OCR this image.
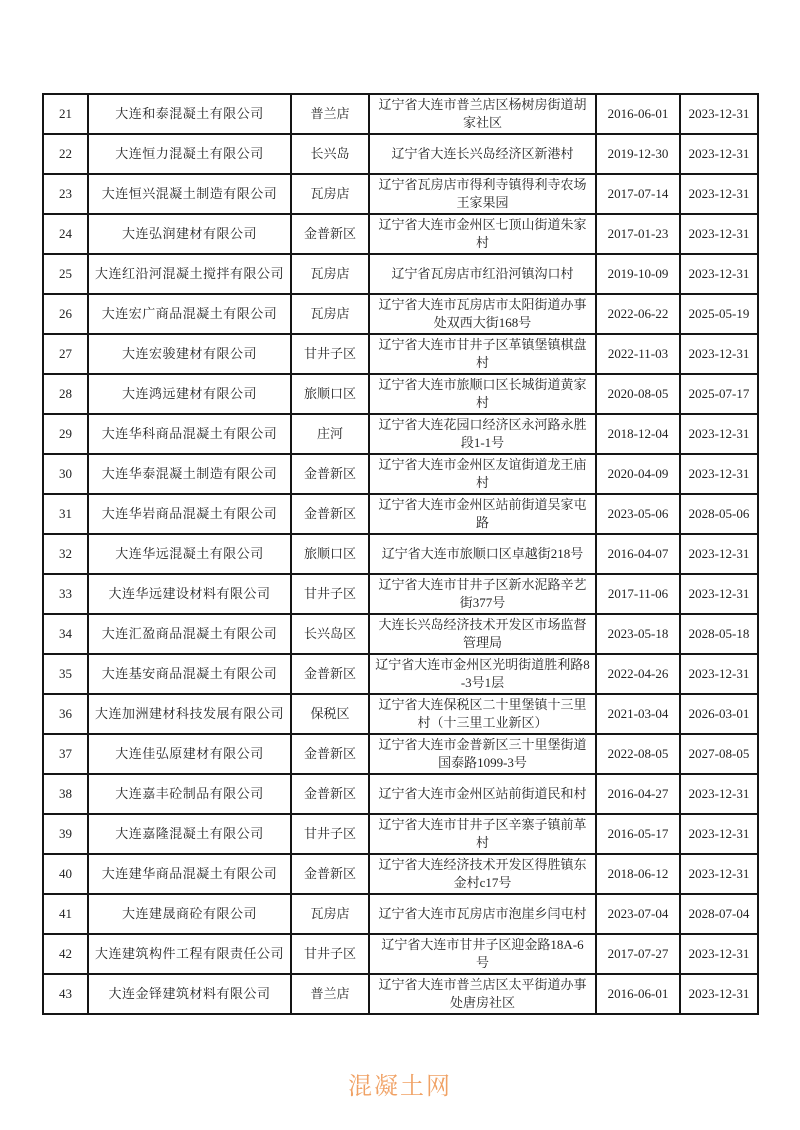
21	大连和泰混凝土有限公司	普兰店	辽宁省大连市普兰店区杨树房街道胡家社区	2016-06-01	2023-12-31
22	大连恒力混凝土有限公司	长兴岛	辽宁省大连长兴岛经济区新港村	2019-12-30	2023-12-31
23	大连恒兴混凝土制造有限公司	瓦房店	辽宁省瓦房店市得利寺镇得利寺农场王家果园	2017-07-14	2023-12-31
24	大连弘润建材有限公司	金普新区	辽宁省大连市金州区七顶山街道朱家村	2017-01-23	2023-12-31
25	大连红沿河混凝土搅拌有限公司	瓦房店	辽宁省瓦房店市红沿河镇沟口村	2019-10-09	2023-12-31
26	大连宏广商品混凝土有限公司	瓦房店	辽宁省大连市瓦房店市太阳街道办事处双西大街168号	2022-06-22	2025-05-19
27	大连宏骏建材有限公司	甘井子区	辽宁省大连市甘井子区革镇堡镇棋盘村	2022-11-03	2023-12-31
28	大连鸿远建材有限公司	旅顺口区	辽宁省大连市旅顺口区长城街道黄家村	2020-08-05	2025-07-17
29	大连华科商品混凝土有限公司	庄河	辽宁省大连花园口经济区永河路永胜段1-1号	2018-12-04	2023-12-31
30	大连华泰混凝土制造有限公司	金普新区	辽宁省大连市金州区友谊街道龙王庙村	2020-04-09	2023-12-31
31	大连华岩商品混凝土有限公司	金普新区	辽宁省大连市金州区站前街道吴家屯路	2023-05-06	2028-05-06
32	大连华远混凝土有限公司	旅顺口区	辽宁省大连市旅顺口区卓越街218号	2016-04-07	2023-12-31
33	大连华远建设材料有限公司	甘井子区	辽宁省大连市甘井子区新水泥路辛艺街377号	2017-11-06	2023-12-31
34	大连汇盈商品混凝土有限公司	长兴岛区	大连长兴岛经济技术开发区市场监督管理局	2023-05-18	2028-05-18
35	大连基安商品混凝土有限公司	金普新区	辽宁省大连市金州区光明街道胜利路8-3号1层	2022-04-26	2023-12-31
36	大连加洲建材科技发展有限公司	保税区	辽宁省大连保税区二十里堡镇十三里村（十三里工业新区）	2021-03-04	2026-03-01
37	大连佳弘原建材有限公司	金普新区	辽宁省大连市金普新区三十里堡街道国泰路1099-3号	2022-08-05	2027-08-05
38	大连嘉丰砼制品有限公司	金普新区	辽宁省大连市金州区站前街道民和村	2016-04-27	2023-12-31
39	大连嘉隆混凝土有限公司	甘井子区	辽宁省大连市甘井子区辛寨子镇前革村	2016-05-17	2023-12-31
40	大连建华商品混凝土有限公司	金普新区	辽宁省大连经济技术开发区得胜镇东金村c17号	2018-06-12	2023-12-31
41	大连建晟商砼有限公司	瓦房店	辽宁省大连市瓦房店市泡崖乡闫屯村	2023-07-04	2028-07-04
42	大连建筑构件工程有限责任公司	甘井子区	辽宁省大连市甘井子区迎金路18A-6号	2017-07-27	2023-12-31
43	大连金铎建筑材料有限公司	普兰店	辽宁省大连市普兰店区太平街道办事处唐房社区	2016-06-01	2023-12-31
混凝土网
